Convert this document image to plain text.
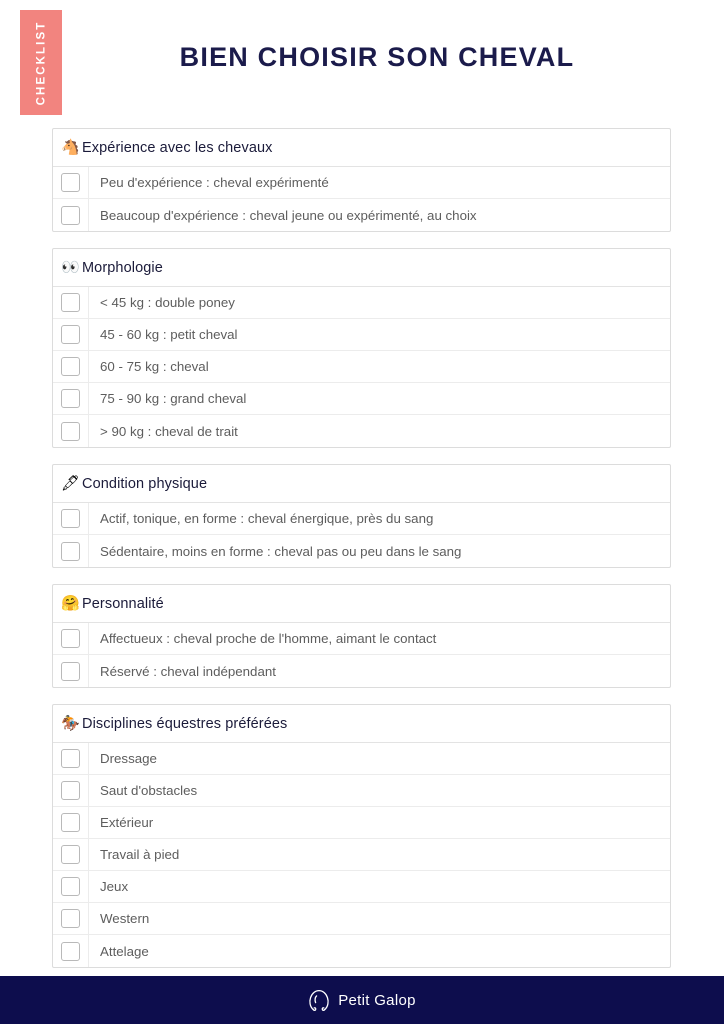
CHECKLIST	BIEN CHOISIR SON CHEVAL
🐴 Expérience avec les chevaux
Peu d'expérience : cheval expérimenté
Beaucoup d'expérience : cheval jeune ou expérimenté, au choix
👀 Morphologie
< 45 kg : double poney
45 - 60 kg : petit cheval
60 - 75 kg : cheval
75 - 90 kg : grand cheval
> 90 kg : cheval de trait
🖋 Condition physique
Actif, tonique, en forme : cheval énergique, près du sang
Sédentaire, moins en forme : cheval pas ou peu dans le sang
🤗 Personnalité
Affectueux : cheval proche de l'homme, aimant le contact
Réservé : cheval indépendant
🏇 Disciplines équestres préférées
Dressage
Saut d'obstacles
Extérieur
Travail à pied
Jeux
Western
Attelage
Petit Galop
